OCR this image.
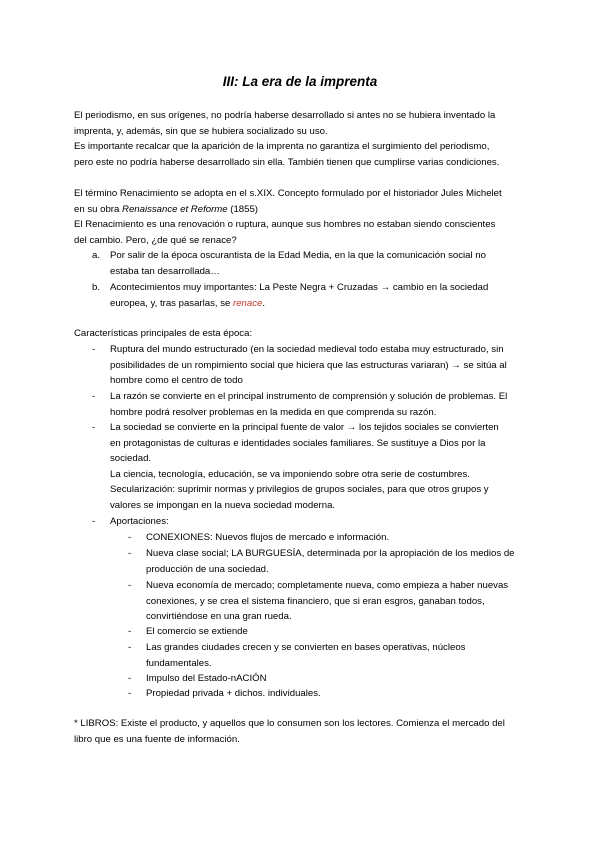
III: La era de la imprenta
El periodismo, en sus orígenes, no podría haberse desarrollado si antes no se hubiera inventado la
imprenta, y, además, sin que se hubiera socializado su uso.
Es importante recalcar que la aparición de la imprenta no garantiza el surgimiento del periodismo,
pero este no podría haberse desarrollado sin ella. También tienen que cumplirse varias condiciones.
El término Renacimiento se adopta en el s.XIX. Concepto formulado por el historiador Jules Michelet
en su obra Renaissance et Reforme (1855)
El Renacimiento es una renovación o ruptura, aunque sus hombres no estaban siendo conscientes
del cambio. Pero, ¿de qué se renace?
a. Por salir de la época oscurantista de la Edad Media, en la que la comunicación social no
estaba tan desarrollada…
b. Acontecimientos muy importantes: La Peste Negra + Cruzadas → cambio en la sociedad
europea, y, tras pasarlas, se renace.
Características principales de esta época:
- Ruptura del mundo estructurado (en la sociedad medieval todo estaba muy estructurado, sin
posibilidades de un rompimiento social que hiciera que las estructuras variaran) → se sitúa al
hombre como el centro de todo
- La razón se convierte en el principal instrumento de comprensión y solución de problemas. El
hombre podrá resolver problemas en la medida en que comprenda su razón.
- La sociedad se convierte en la principal fuente de valor → los tejidos sociales se convierten
en protagonistas de culturas e identidades sociales familiares. Se sustituye a Dios por la
sociedad.
La ciencia, tecnología, educación, se va imponiendo sobre otra serie de costumbres.
Secularización: suprimir normas y privilegios de grupos sociales, para que otros grupos y
valores se impongan en la nueva sociedad moderna.
- Aportaciones:
- CONEXIONES: Nuevos flujos de mercado e información.
- Nueva clase social; LA BURGUESÍA, determinada por la apropiación de los medios de
producción de una sociedad.
- Nueva economía de mercado; completamente nueva, como empieza a haber nuevas
conexiones, y se crea el sistema financiero, que si eran esgros, ganaban todos,
convirtiéndose en una gran rueda.
- El comercio se extiende
- Las grandes ciudades crecen y se convierten en bases operativas, núcleos
fundamentales.
- Impulso del Estado-nACIÓN
- Propiedad privada + dichos. individuales.
* LIBROS: Existe el producto, y aquellos que lo consumen son los lectores. Comienza el mercado del
libro que es una fuente de información.
